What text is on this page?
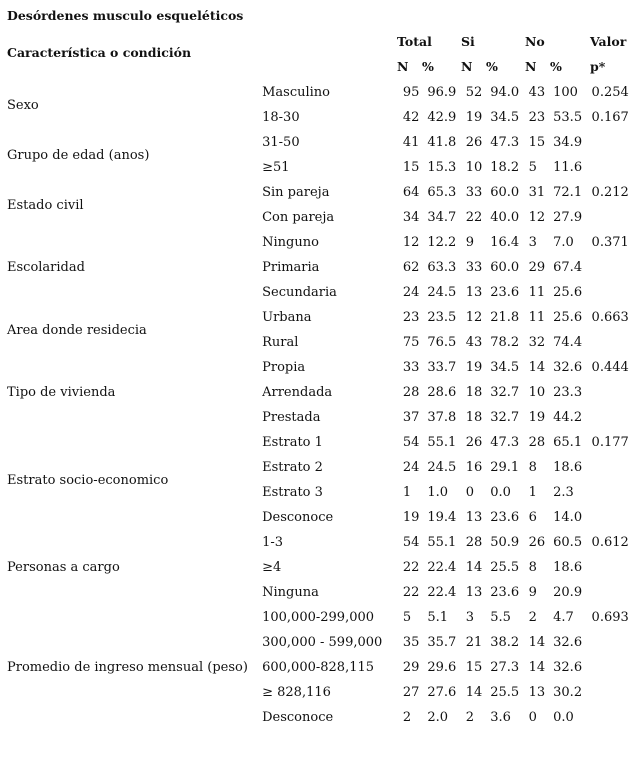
Desórdenes musculo esqueléticos
Característica o condición
Total Si	No	Valor
N % N % N % p*
Sexo	Masculino	95	96.9	52	94.0	43	100	0.254
	18-30	42	42.9	19	34.5	23	53.5	0.167
Grupo de edad (anos)	31-50	41	41.8	26	47.3	15	34.9	
	≥51	15	15.3	10	18.2	5	11.6	
Estado civil	Sin pareja	64	65.3	33	60.0	31	72.1	0.212
	Con pareja	34	34.7	22	40.0	12	27.9	
Escolaridad	Ninguno	12	12.2	9	16.4	3	7.0	0.371
	Primaria	62	63.3	33	60.0	29	67.4	
	Secundaria	24	24.5	13	23.6	11	25.6	
Area donde residecia	Urbana	23	23.5	12	21.8	11	25.6	0.663
	Rural	75	76.5	43	78.2	32	74.4	
Tipo de vivienda	Propia	33	33.7	19	34.5	14	32.6	0.444
	Arrendada	28	28.6	18	32.7	10	23.3	
	Prestada	37	37.8	18	32.7	19	44.2	
Estrato socio-economico	Estrato 1	54	55.1	26	47.3	28	65.1	0.177
	Estrato 2	24	24.5	16	29.1	8	18.6	
	Estrato 3	1	1.0	0	0.0	1	2.3	
	Desconoce	19	19.4	13	23.6	6	14.0	
Personas a cargo	1-3	54	55.1	28	50.9	26	60.5	0.612
	≥4	22	22.4	14	25.5	8	18.6	
	Ninguna	22	22.4	13	23.6	9	20.9	
Promedio de ingreso mensual (peso)	100,000-299,000	5	5.1	3	5.5	2	4.7	0.693
	300,000 - 599,000	35	35.7	21	38.2	14	32.6	
	600,000-828,115	29	29.6	15	27.3	14	32.6	
	≥ 828,116	27	27.6	14	25.5	13	30.2	
	Desconoce	2	2.0	2	3.6	0	0.0	
